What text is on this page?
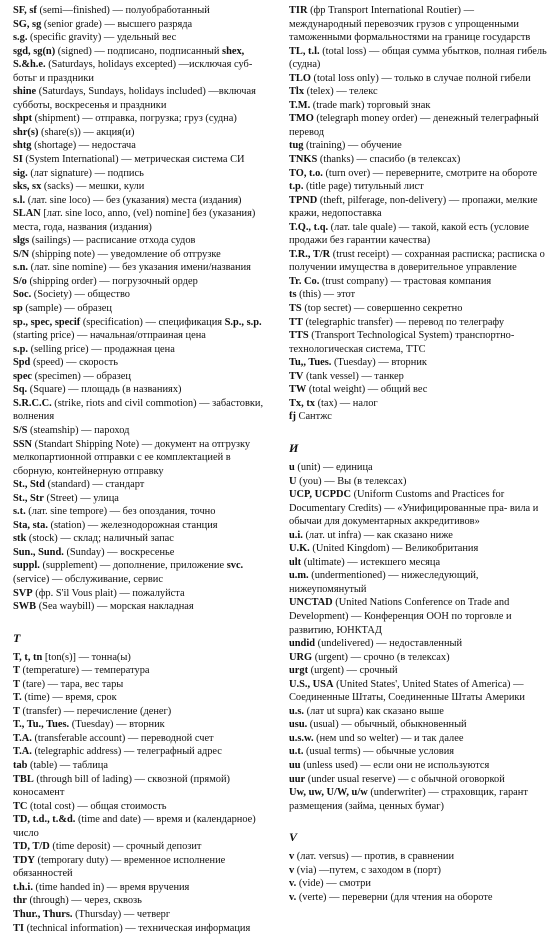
SF, sf (semi—finished) — полуобработанный

SG, sg (senior grade) — высшего разряда

s.g. (specific gravity) — удельный вес

sgd, sg(n) (signed) — подписано, подписанный shex, S.&h.e. (Saturdays, holidays excepted) —исключая суб-

ботьг и праздники

shine (Saturdays, Sundays, holidays included) —включая субботы, воскресенья и праздники

shpt (shipment) — отправка, погрузка; груз (судна)

shr(s) (share(s)) — акция(и)

shtg (shortage) — недостача

SI (System International) — метрическая система СИ

sig. (лат signature) — подпись

sks, sx (sacks) — мешки, кули

s.l. (лат. sine loco) — без (указания) места (издания)

SLAN [лат. sine loco, anno, (vel) nomine] без (указания) места, года, названия (издания)

slgs (sailings) — расписание отхода судов

S/N (shipping note) — уведомление об отгрузке

s.n. (лат. sine nomine) — без указания имени/названия

S/o (shipping order) — погрузочный ордер

Soc. (Society) — общество

sp (sample) — образец

sp., spec, specif (specification) — спецификация S.p., s.p.

(starting price) — начальная/отпраиная цена

s.p. (selling price) — продажная цена

Spd (speed) — скорость

spec (specimen) — образец

Sq. (Square) — площадь (в названиях)

S.R.C.C. (strike, riots and civil commotion) — забастовки, волнения

S/S (steamship) — пароход

SSN (Standart Shipping Note) — документ на отгрузку мелкопартионной отправки с ее комплектацией в сборную, контейнерную отправку

St., Std (standard) — стандарт

St., Str (Street) — улица

s.t. (лат. sine tempore) — без опоздания, точно

Sta, sta. (station) — железнодорожная станция

stk (stock) — склад; наличный запас

Sun., Sund. (Sunday) — воскресенье

suppl. (supplement) — дополнение, приложение svc.

(service) — обслуживание, сервис

SVP (фр. S'il Vous plait) — пожалуйста

SWB (Sea waybill) — морская накладная

T

T, t, tn [ton(s)] — тонна(ы)

T (temperature) — температура

T (tare) — тара, вес тары

T. (time) — время, срок

T (transfer) — перечисление (денег)

T., Tu., Tues. (Tuesday) — вторник

T.A. (transferable account) — переводной счет

T.A. (telegraphic address) — телеграфный адрес

tab (table) — таблица

TBL (through bill of lading) — сквозной (прямой) коносамент

TC (total cost) — общая стоимость

TD, t.d., t.&d. (time and date) — время и (календарное) число

TD, T/D (time deposit) — срочный депозит

TDY (temporary duty) — временное исполнение обязанностей

t.h.i. (time handed in) — время вручения

thr (through) — через, сквозь

Thur., Thurs. (Thursday) — четверг

TI (technical information) — техническая информация

TIR (фр Transport International Routier) — международный перевозчик грузов с упрощенными таможенными формальностями на границе государств

TL, t.l. (total loss) — общая сумма убытков, полная гибель (судна)

TLO (total loss only) — только в случае полной гибели

Tlx (telex) — телекс

T.M. (trade mark) торговый знак

TMO (telegraph money order) — денежный телеграфный перевод

tug (training) — обучение

TNKS (thanks) — спасибо (в телексах)

TO, t.o. (turn over) — переверните, смотрите на обороте

t.p. (title page) титульный лист

TPND (theft, pilferage, non-delivery) — пропажи, мелкие кражи, недопоставка

T.Q., t.q. (лат. tale quale) — такой, какой есть (условие продажи без гарантии качества)

T.R., T/R (trust receipt) — сохранная расписка; расписка о получении имущества в доверительное управление

Tr. Co. (trust company) — трастовая компания

ts (this) — этот

TS (top secret) — совершенно секретно

TT (telegraphic transfer) — перевод по телеграфу

TTS (Transport Technological System) транспортно-технологическая система, ТТС

Tu,, Tues. (Tuesday) — вторник

TV (tank vessel) — танкер

TW (total weight) — общий вес

Tx, tx (tax) — налог

fj Сантжс

И

u (unit) — единица

U (you) — Вы (в телексах)

UCP, UCPDC (Uniform Customs and Practices for Documentary Credits) — «Унифицированные пра- вила и обычаи для документарных аккредитивов»

u.i. (лат. ut infra) — как сказано ниже

U.K. (United Kingdom) — Великобритания

ult (ultimate) — истекшего месяца

u.m. (undermentioned) — нижеследующий, нижеупомянутый

UNCTAD (United Nations Conference on Trade and Development) — Конференция ООН по торговле и развитию, ЮНКТАД

undid (undelivered) — недоставленный

URG (urgent) — срочно (в телексах)

urgt (urgent) — срочный

U.S., USA (United States', United States of America) — Соединенные Штаты, Соединенные Штаты Америки

u.s. (лат ut supra) как сказано выше

usu. (usual) — обычный, обыкновенный

u.s.w. (нем und so welter) — и так далее

u.t. (usual terms) — обычные условия

uu (unless used) — если они не используются

uur (under usual reserve) — с обычной оговоркой

Uw, uw, U/W, u/w (underwriter) — страховщик, гарант размещения (займа, ценных бумаг)

V

v (лат. versus) — против, в сравнении

v (via) —путем, с заходом в (порт)

v. (vide) — смотри

v. (verte) — переверни (для чтения на обороте
